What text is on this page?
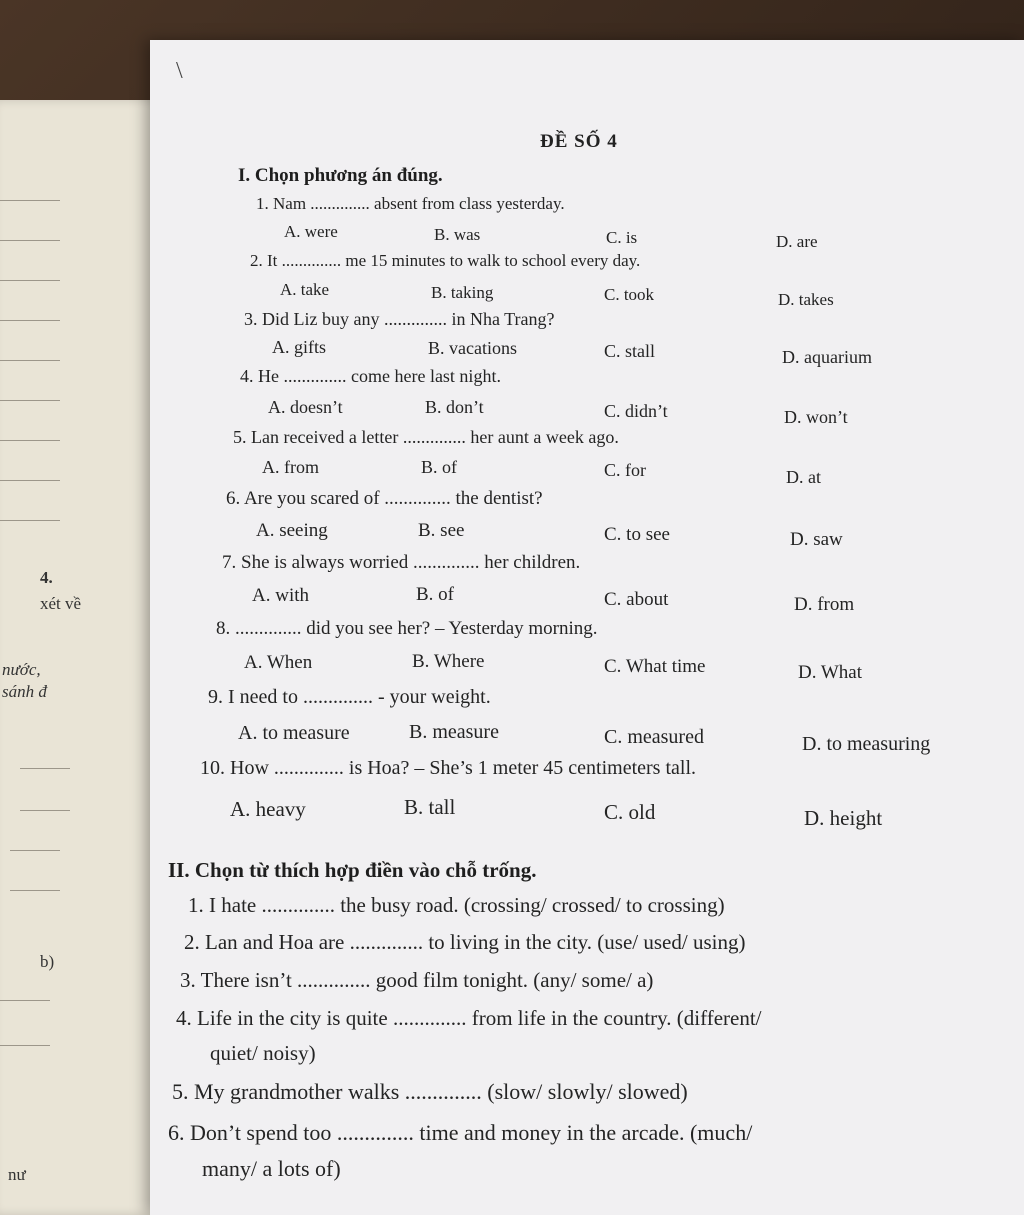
4.
xét về
nước,
sánh đ
b)
nư
\
ĐỀ SỐ 4
I. Chọn phương án đúng.
1. Nam .............. absent from class yesterday.
A. were	B. was	C. is	D. are
2. It .............. me 15 minutes to walk to school every day.
A. take	B. taking	C. took	D. takes
3. Did Liz buy any .............. in Nha Trang?
A. gifts	B. vacations	C. stall	D. aquarium
4. He .............. come here last night.
A. doesn’t	B. don’t	C. didn’t	D. won’t
5. Lan received a letter .............. her aunt a week ago.
A. from	B. of	C. for	D. at
6. Are you scared of .............. the dentist?
A. seeing	B. see	C. to see	D. saw
7. She is always worried .............. her children.
A. with	B. of	C. about	D. from
8. .............. did you see her? – Yesterday morning.
A. When	B. Where	C. What time	D. What
9. I need to .............. - your weight.
A. to measure	B. measure	C. measured	D. to measuring
10. How .............. is Hoa? – She’s 1 meter 45 centimeters tall.
A. heavy	B. tall	C. old	D. height
II. Chọn từ thích hợp điền vào chỗ trống.
1. I hate .............. the busy road. (crossing/ crossed/ to crossing)
2. Lan and Hoa are .............. to living in the city. (use/ used/ using)
3. There isn’t .............. good film tonight. (any/ some/ a)
4. Life in the city is quite .............. from life in the country. (different/
quiet/ noisy)
5. My grandmother walks .............. (slow/ slowly/ slowed)
6. Don’t spend too .............. time and money in the arcade. (much/
many/ a lots of)
